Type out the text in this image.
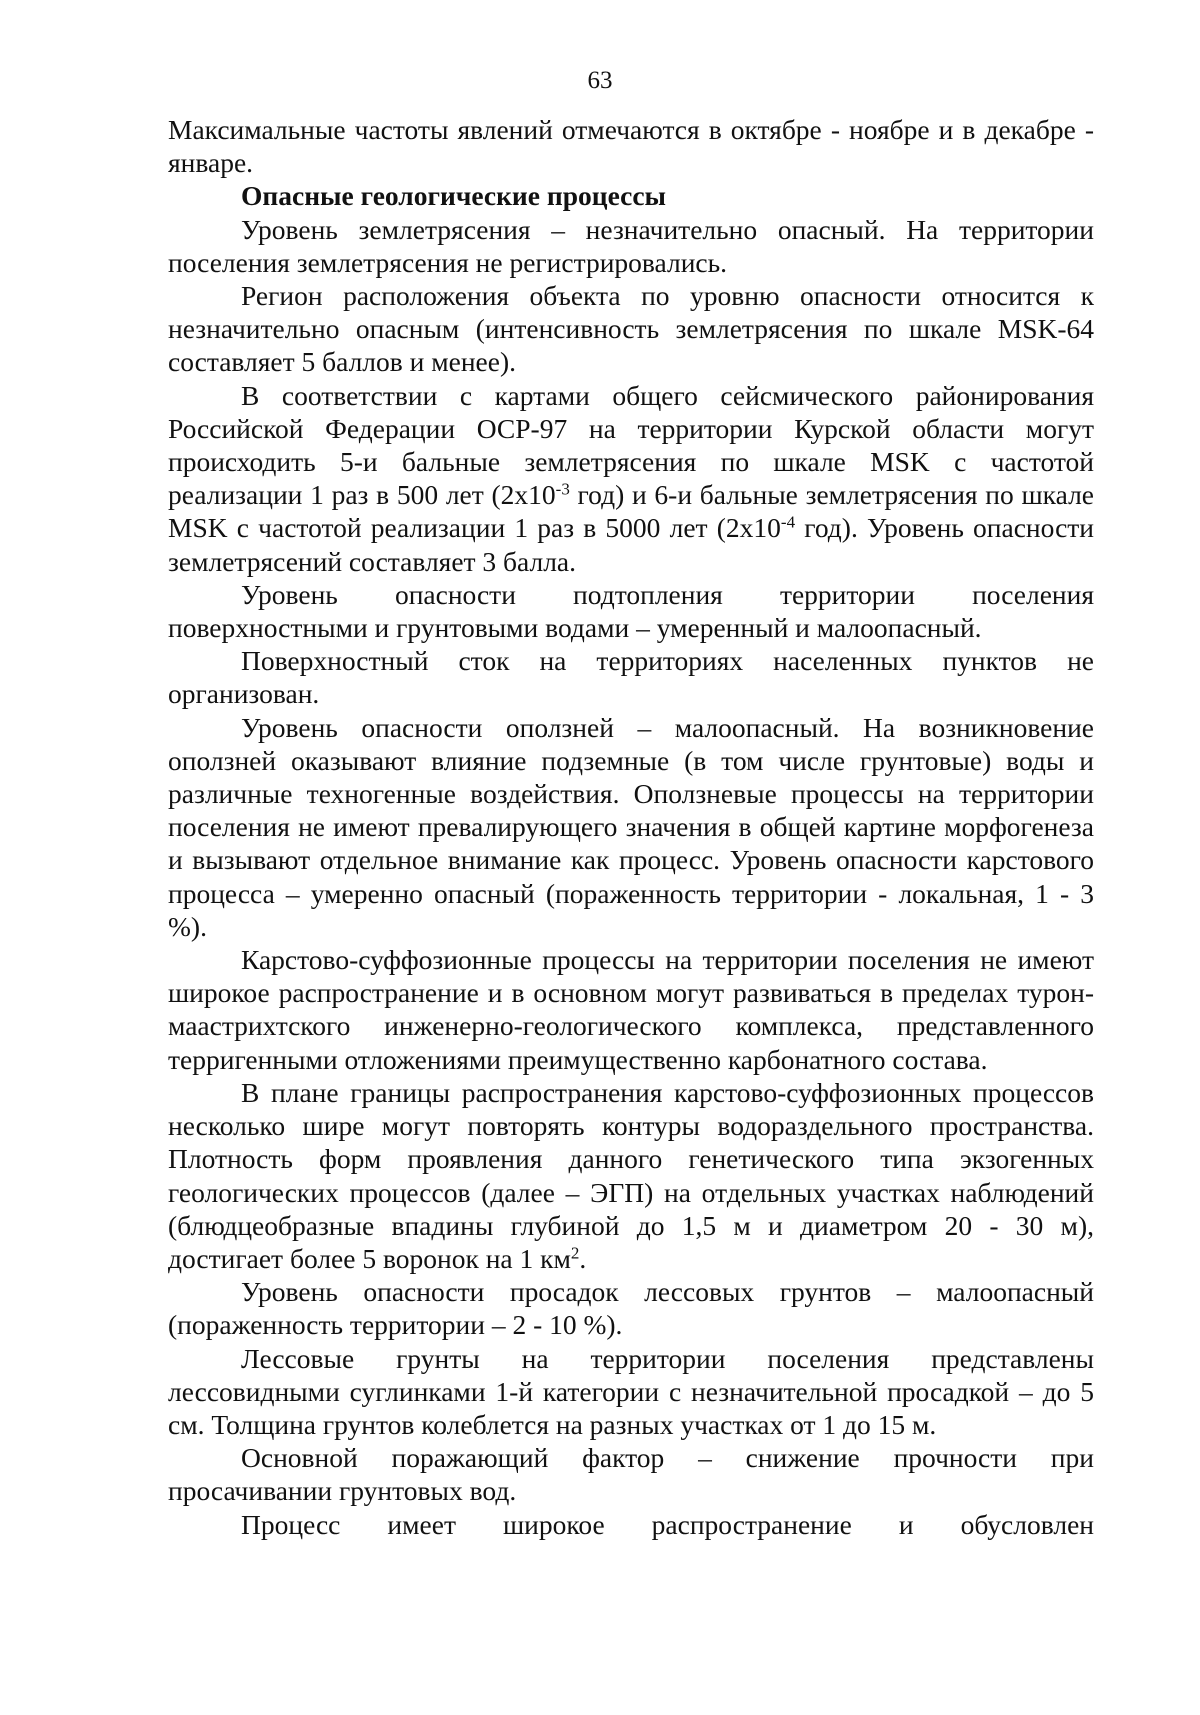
63

Максимальные частоты явлений отмечаются в октябре - ноябре и в декабре - январе.

Опасные геологические процессы

Уровень землетрясения – незначительно опасный. На территории поселения землетрясения не регистрировались.

Регион расположения объекта по уровню опасности относится к незначительно опасным (интенсивность землетрясения по шкале MSK-64 составляет 5 баллов и менее).

В соответствии с картами общего сейсмического районирования Российской Федерации ОСР-97 на территории Курской области могут происходить 5-и бальные землетрясения по шкале MSK с частотой реализации 1 раз в 500 лет ($2x10^{-3}$ год) и 6-и бальные землетрясения по шкале MSK с частотой реализации 1 раз в 5000 лет ($2x10^{-4}$ год). Уровень опасности землетрясений составляет 3 балла.

Уровень опасности подтопления территории поселения поверхностными и грунтовыми водами – умеренный и малоопасный.

Поверхностный сток на территориях населенных пунктов не организован.

Уровень опасности оползней – малоопасный. На возникновение оползней оказывают влияние подземные (в том числе грунтовые) воды и различные техногенные воздействия. Оползневые процессы на территории поселения не имеют превалирующего значения в общей картине морфогенеза и вызывают отдельное внимание как процесс. Уровень опасности карстового процесса – умеренно опасный (пораженность территории - локальная, 1 - 3 %).

Карстово-суффозионные процессы на территории поселения не имеют широкое распространение и в основном могут развиваться в пределах турон-маастрихтского инженерно-геологического комплекса, представленного терригенными отложениями преимущественно карбонатного состава.

В плане границы распространения карстово-суффозионных процессов несколько шире могут повторять контуры водораздельного пространства. Плотность форм проявления данного генетического типа экзогенных геологических процессов (далее – ЭГП) на отдельных участках наблюдений (блюдцеобразные впадины глубиной до 1,5 м и диаметром 20 - 30 м), достигает более 5 воронок на 1 $км^2$.

Уровень опасности просадок лессовых грунтов – малоопасный (пораженность территории – 2 - 10 %).

Лессовые грунты на территории поселения представлены лессовидными суглинками 1-й категории с незначительной просадкой – до 5 см. Толщина грунтов колеблется на разных участках от 1 до 15 м.

Основной поражающий фактор – снижение прочности при просачивании грунтовых вод.

Процесс имеет широкое распространение и обусловлен
